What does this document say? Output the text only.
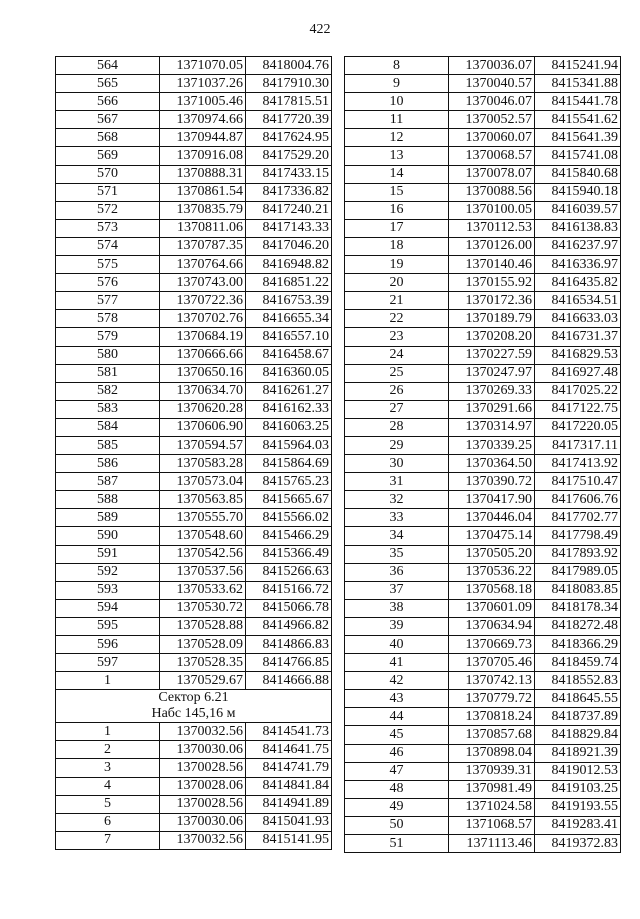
422
564	1371070.05	8418004.76
565	1371037.26	8417910.30
566	1371005.46	8417815.51
567	1370974.66	8417720.39
568	1370944.87	8417624.95
569	1370916.08	8417529.20
570	1370888.31	8417433.15
571	1370861.54	8417336.82
572	1370835.79	8417240.21
573	1370811.06	8417143.33
574	1370787.35	8417046.20
575	1370764.66	8416948.82
576	1370743.00	8416851.22
577	1370722.36	8416753.39
578	1370702.76	8416655.34
579	1370684.19	8416557.10
580	1370666.66	8416458.67
581	1370650.16	8416360.05
582	1370634.70	8416261.27
583	1370620.28	8416162.33
584	1370606.90	8416063.25
585	1370594.57	8415964.03
586	1370583.28	8415864.69
587	1370573.04	8415765.23
588	1370563.85	8415665.67
589	1370555.70	8415566.02
590	1370548.60	8415466.29
591	1370542.56	8415366.49
592	1370537.56	8415266.63
593	1370533.62	8415166.72
594	1370530.72	8415066.78
595	1370528.88	8414966.82
596	1370528.09	8414866.83
597	1370528.35	8414766.85
1	1370529.67	8414666.88

Сектор 6.21
Набс 145,16 м		

1	1370032.56	8414541.73
2	1370030.06	8414641.75
3	1370028.56	8414741.79
4	1370028.06	8414841.84
5	1370028.56	8414941.89
6	1370030.06	8415041.93
7	1370032.56	8415141.95
8	1370036.07	8415241.94
9	1370040.57	8415341.88
10	1370046.07	8415441.78
11	1370052.57	8415541.62
12	1370060.07	8415641.39
13	1370068.57	8415741.08
14	1370078.07	8415840.68
15	1370088.56	8415940.18
16	1370100.05	8416039.57
17	1370112.53	8416138.83
18	1370126.00	8416237.97
19	1370140.46	8416336.97
20	1370155.92	8416435.82
21	1370172.36	8416534.51
22	1370189.79	8416633.03
23	1370208.20	8416731.37
24	1370227.59	8416829.53
25	1370247.97	8416927.48
26	1370269.33	8417025.22
27	1370291.66	8417122.75
28	1370314.97	8417220.05
29	1370339.25	8417317.11
30	1370364.50	8417413.92
31	1370390.72	8417510.47
32	1370417.90	8417606.76
33	1370446.04	8417702.77
34	1370475.14	8417798.49
35	1370505.20	8417893.92
36	1370536.22	8417989.05
37	1370568.18	8418083.85
38	1370601.09	8418178.34
39	1370634.94	8418272.48
40	1370669.73	8418366.29
41	1370705.46	8418459.74
42	1370742.13	8418552.83
43	1370779.72	8418645.55
44	1370818.24	8418737.89
45	1370857.68	8418829.84
46	1370898.04	8418921.39
47	1370939.31	8419012.53
48	1370981.49	8419103.25
49	1371024.58	8419193.55
50	1371068.57	8419283.41
51	1371113.46	8419372.83
